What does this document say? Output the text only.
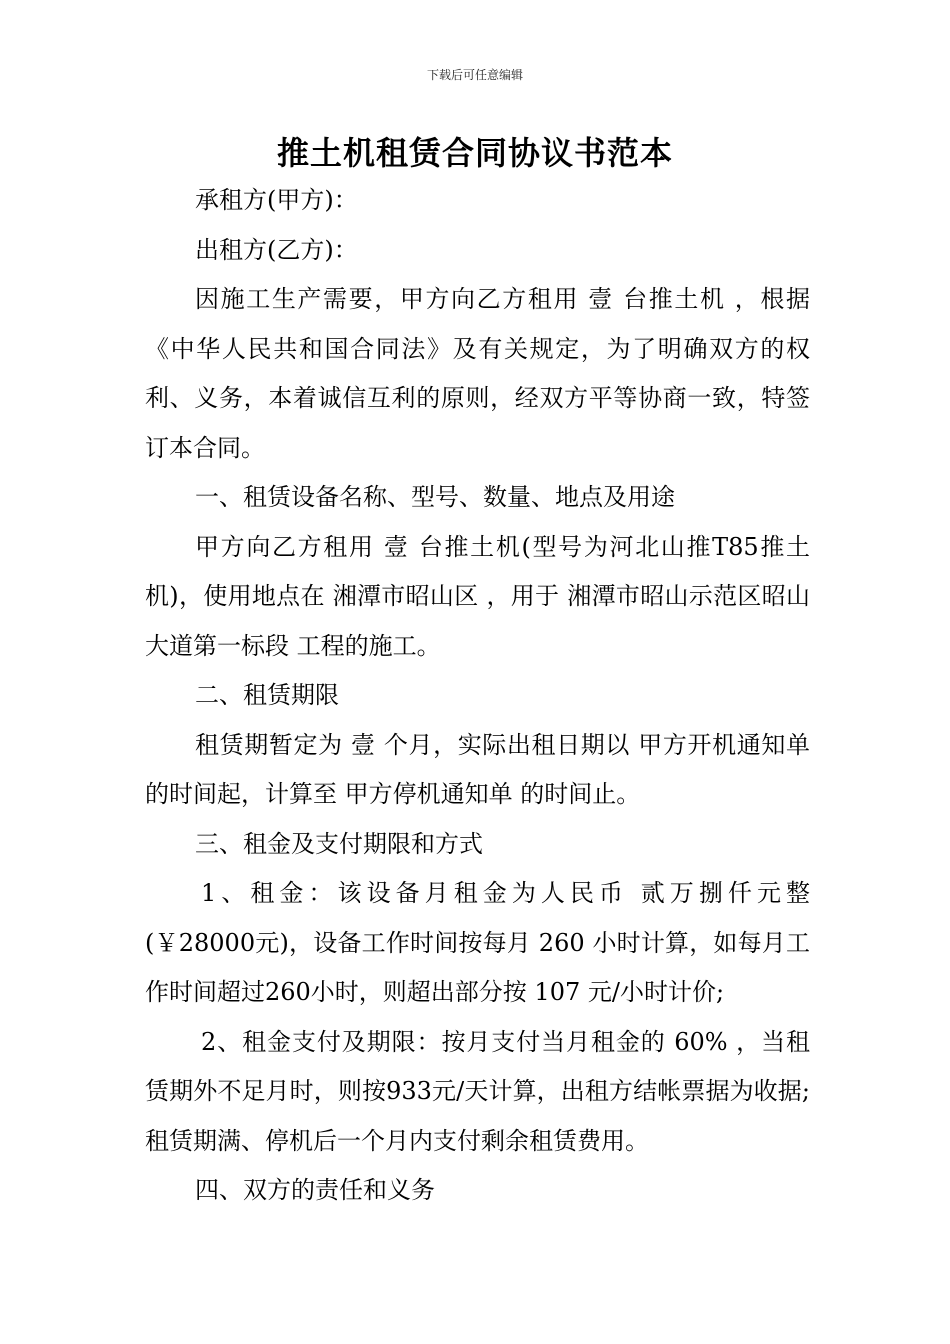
下载后可任意编辑
推土机租赁合同协议书范本

承租方(甲方)：

出租方(乙方)：

因施工生产需要，甲方向乙方租用 壹 台推土机 ，根据《中华人民共和国合同法》及有关规定，为了明确双方的权利、义务，本着诚信互利的原则，经双方平等协商一致，特签订本合同。

一、租赁设备名称、型号、数量、地点及用途

甲方向乙方租用 壹 台推土机(型号为河北山推T85推土机)，使用地点在 湘潭市昭山区 ，用于 湘潭市昭山示范区昭山大道第一标段 工程的施工。

二、租赁期限

租赁期暂定为 壹 个月，实际出租日期以 甲方开机通知单 的时间起，计算至 甲方停机通知单 的时间止。

三、租金及支付期限和方式

1、租金：该设备月租金为人民币 贰万捌仟元整(￥28000元)，设备工作时间按每月 260 小时计算，如每月工作时间超过260小时，则超出部分按 107 元/小时计价;

2、租金支付及期限：按月支付当月租金的 60% ，当租赁期外不足月时，则按933元/天计算，出租方结帐票据为收据;租赁期满、停机后一个月内支付剩余租赁费用。

四、双方的责任和义务
